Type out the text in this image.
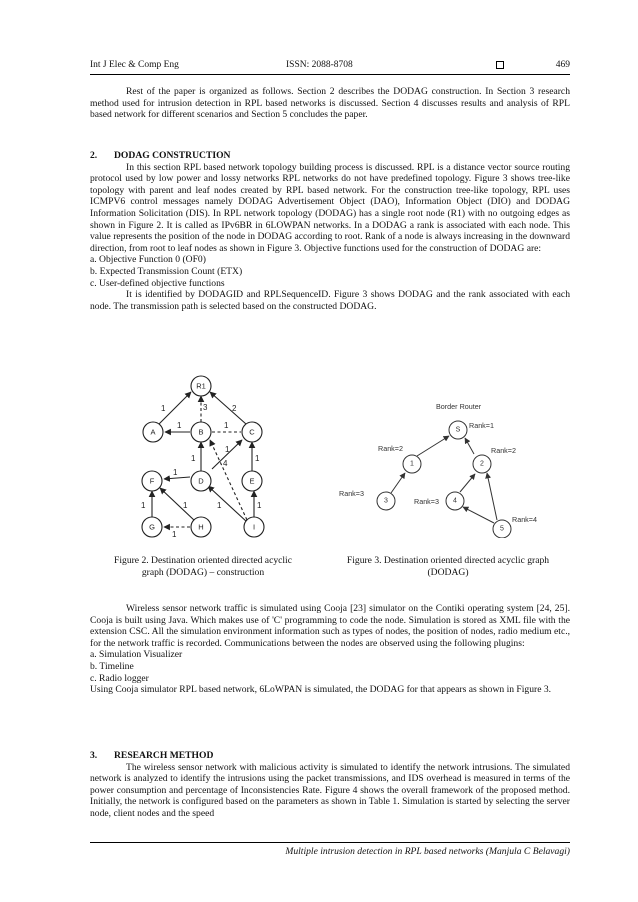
Int J Elec & Comp Eng	ISSN: 2088-8708	469

Rest of the paper is organized as follows. Section 2 describes the DODAG construction. In Section 3 research method used for intrusion detection in RPL based networks is discussed. Section 4 discusses results and analysis of RPL based network for different scenarios and Section 5 concludes the paper.

2. DODAG CONSTRUCTION

In this section RPL based network topology building process is discussed. RPL is a distance vector source routing protocol used by low power and lossy networks RPL networks do not have predefined topology. Figure 3 shows tree-like topology with parent and leaf nodes created by RPL based network. For the construction tree-like topology, RPL uses ICMPV6 control messages namely DODAG Advertisement Object (DAO), Information Object (DIO) and DODAG Information Solicitation (DIS). In RPL network topology (DODAG) has a single root node (R1) with no outgoing edges as shown in Figure 2. It is called as IPv6BR in 6LOWPAN networks. In a DODAG a rank is associated with each node. This value represents the position of the node in DODAG according to root. Rank of a node is always increasing in the downward direction, from root to leaf nodes as shown in Figure 3. Objective functions used for the construction of DODAG are:

a. Objective Function 0 (OF0)

b. Expected Transmission Count (ETX)

c. User-defined objective functions

It is identified by DODAGID and RPLSequenceID. Figure 3 shows DODAG and the rank associated with each node. The transmission path is selected based on the constructed DODAG.

1	3	2
1	1
1
1
1
4
1
1	1	1	1
1
R1
A	B	C
D	E
F
G	H	I
S
1	2
3	4
5
Border Router
Rank=1
Rank=2	Rank=2
Rank=3
Rank=3
Rank=4
Figure 2. Destination oriented directed acyclic
graph (DODAG) – construction
Figure 3. Destination oriented directed acyclic graph
(DODAG)

Wireless sensor network traffic is simulated using Cooja [23] simulator on the Contiki operating system [24, 25]. Cooja is built using Java. Which makes use of 'C' programming to code the node. Simulation is stored as XML file with the extension CSC. All the simulation environment information such as types of nodes, the position of nodes, radio medium etc., for the network traffic is recorded. Communications between the nodes are observed using the following plugins:

a. Simulation Visualizer

b. Timeline

c. Radio logger

Using Cooja simulator RPL based network, 6LoWPAN is simulated, the DODAG for that appears as shown in Figure 3.

3. RESEARCH METHOD

The wireless sensor network with malicious activity is simulated to identify the network intrusions. The simulated network is analyzed to identify the intrusions using the packet transmissions, and IDS overhead is measured in terms of the power consumption and percentage of Inconsistencies Rate. Figure 4 shows the overall framework of the proposed method. Initially, the network is configured based on the parameters as shown in Table 1. Simulation is started by selecting the server node, client nodes and the speed

Multiple intrusion detection in RPL based networks (Manjula C Belavagi)
